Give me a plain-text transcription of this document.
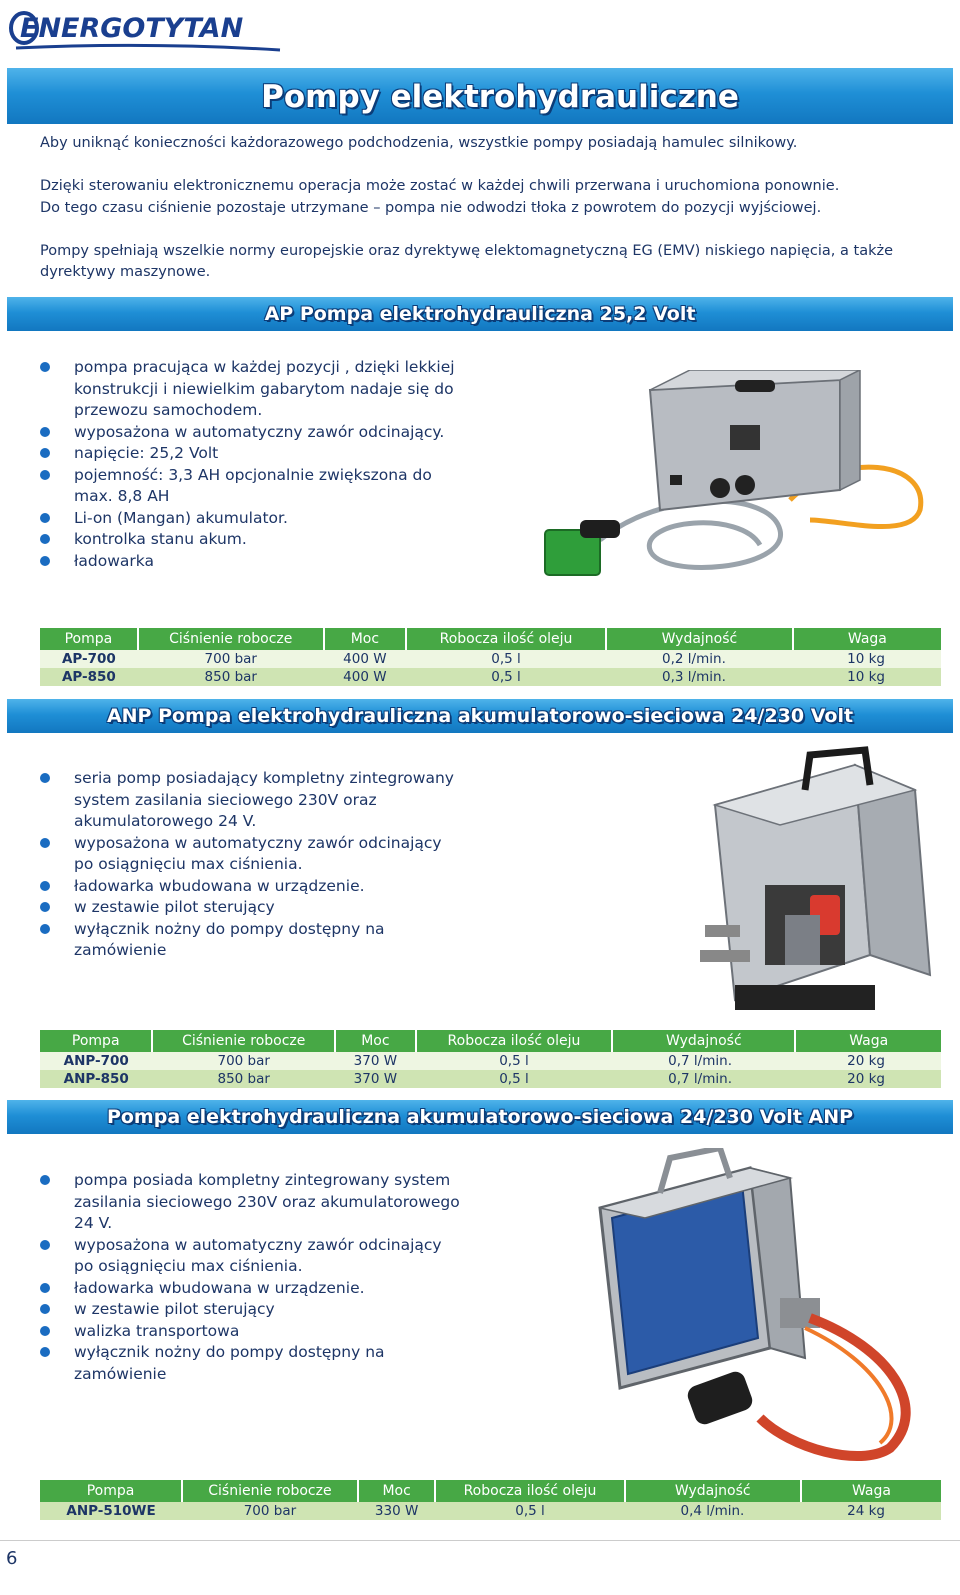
ENERGOTYTAN
Pompy elektrohydrauliczne
Aby uniknąć konieczności każdorazowego podchodzenia, wszystkie pompy posiadają hamulec silnikowy.
Dzięki sterowaniu elektronicznemu operacja może zostać w każdej chwili przerwana i uruchomiona ponownie.
Do tego czasu ciśnienie pozostaje utrzymane – pompa nie odwodzi tłoka z powrotem do pozycji wyjściowej.
Pompy spełniają wszelkie normy europejskie oraz dyrektywę elektomagnetyczną EG (EMV) niskiego napięcia, a także
dyrektywy maszynowe.
AP Pompa elektrohydrauliczna 25,2 Volt
pompa pracująca w każdej pozycji , dzięki lekkiej
konstrukcji i niewielkim gabarytom nadaje się do
przewozu samochodem.
wyposażona w automatyczny zawór odcinający.
napięcie: 25,2 Volt
pojemność: 3,3 AH opcjonalnie zwiększona do
max. 8,8 AH
Li-on (Mangan) akumulator.
kontrolka stanu akum.
ładowarka
Pompa	Ciśnienie robocze	Moc	Robocza ilość oleju	Wydajność	Waga
AP-700	700 bar	400 W	0,5 l	0,2 l/min.	10 kg
AP-850	850 bar	400 W	0,5 l	0,3 l/min.	10 kg
ANP Pompa elektrohydrauliczna akumulatorowo-sieciowa 24/230 Volt
seria pomp posiadający kompletny zintegrowany
system zasilania sieciowego 230V oraz
akumulatorowego 24 V.
wyposażona w automatyczny zawór odcinający
po osiągnięciu max ciśnienia.
ładowarka wbudowana w urządzenie.
w zestawie pilot sterujący
wyłącznik nożny do pompy dostępny na
zamówienie
Pompa	Ciśnienie robocze	Moc	Robocza ilość oleju	Wydajność	Waga
ANP-700	700 bar	370 W	0,5 l	0,7 l/min.	20 kg
ANP-850	850 bar	370 W	0,5 l	0,7 l/min.	20 kg
Pompa elektrohydrauliczna akumulatorowo-sieciowa 24/230 Volt ANP
pompa posiada kompletny zintegrowany system
zasilania sieciowego 230V oraz akumulatorowego
24 V.
wyposażona w automatyczny zawór odcinający
po osiągnięciu max ciśnienia.
ładowarka wbudowana w urządzenie.
w zestawie pilot sterujący
walizka transportowa
wyłącznik nożny do pompy dostępny na
zamówienie
Pompa	Ciśnienie robocze	Moc	Robocza ilość oleju	Wydajność	Waga
ANP-510WE	700 bar	330 W	0,5 l	0,4 l/min.	24 kg
6
